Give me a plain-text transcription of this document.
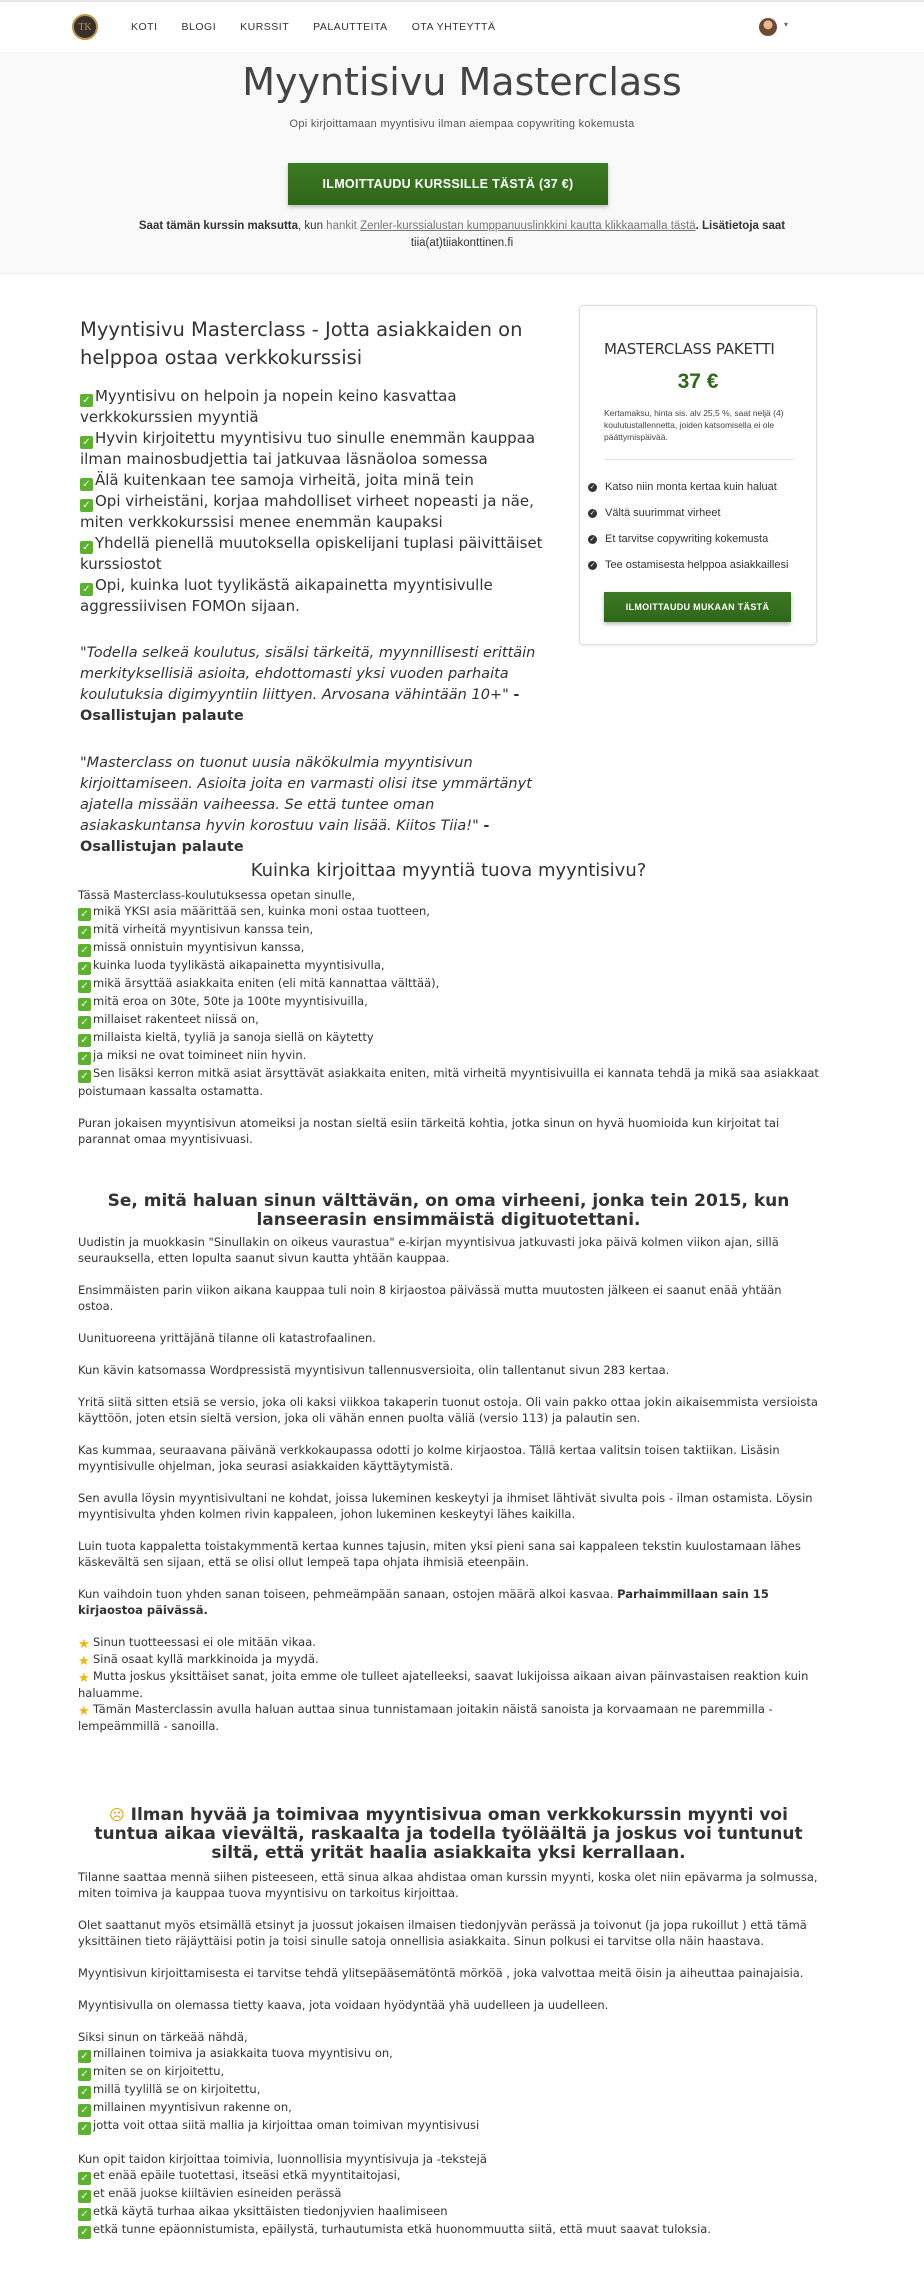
TK	KOTI BLOGI KURSSIT PALAUTTEITA OTA YHTEYTTÄ	▾
Myyntisivu Masterclass
Opi kirjoittamaan myyntisivu ilman aiempaa copywriting kokemusta
ILMOITTAUDU KURSSILLE TÄSTÄ (37 €)
Saat tämän kurssin maksutta, kun hankit Zenler-kurssialustan kumppanuuslinkkini kautta klikkaamalla tästä. Lisätietoja saat
tiia(at)tiiakonttinen.fi
Myyntisivu Masterclass - Jotta asiakkaiden on helppoa ostaa verkkokurssisi
✓ Myyntisivu on helpoin ja nopein keino kasvattaa verkkokurssien myyntiä
✓ Hyvin kirjoitettu myyntisivu tuo sinulle enemmän kauppaa ilman mainosbudjettia tai jatkuvaa läsnäoloa somessa
✓ Älä kuitenkaan tee samoja virheitä, joita minä tein
✓ Opi virheistäni, korjaa mahdolliset virheet nopeasti ja näe, miten verkkokurssisi menee enemmän kaupaksi
✓ Yhdellä pienellä muutoksella opiskelijani tuplasi päivittäiset kurssiostot
✓ Opi, kuinka luot tyylikästä aikapainetta myyntisivulle aggressiivisen FOMOn sijaan.
"Todella selkeä koulutus, sisälsi tärkeitä, myynnillisesti erittäin merkityksellisiä asioita, ehdottomasti yksi vuoden parhaita koulutuksia digimyyntiin liittyen. Arvosana vähintään 10+" -Osallistujan palaute
"Masterclass on tuonut uusia näkökulmia myyntisivun kirjoittamiseen. Asioita joita en varmasti olisi itse ymmärtänyt ajatella missään vaiheessa. Se että tuntee oman asiakaskuntansa hyvin korostuu vain lisää. Kiitos Tiia!" -Osallistujan palaute
MASTERCLASS PAKETTI
37 €
Kertamaksu, hinta sis. alv 25,5 %, saat neljä (4) koulutustallennetta, joiden katsomisella ei ole päättymispäivää.
✓ Katso niin monta kertaa kuin haluat
✓ Vältä suurimmat virheet
✓ Et tarvitse copywriting kokemusta
✓ Tee ostamisesta helppoa asiakkaillesi
ILMOITTAUDU MUKAAN TÄSTÄ
Kuinka kirjoittaa myyntiä tuova myyntisivu?
Tässä Masterclass-koulutuksessa opetan sinulle,
✓ mikä YKSI asia määrittää sen, kuinka moni ostaa tuotteen,
✓ mitä virheitä myyntisivun kanssa tein,
✓ missä onnistuin myyntisivun kanssa,
✓ kuinka luoda tyylikästä aikapainetta myyntisivulla,
✓ mikä ärsyttää asiakkaita eniten (eli mitä kannattaa välttää),
✓ mitä eroa on 30te, 50te ja 100te myyntisivuilla,
✓ millaiset rakenteet niissä on,
✓ millaista kieltä, tyyliä ja sanoja siellä on käytetty
✓ ja miksi ne ovat toimineet niin hyvin.
✓ Sen lisäksi kerron mitkä asiat ärsyttävät asiakkaita eniten, mitä virheitä myyntisivuilla ei kannata tehdä ja mikä saa asiakkaat poistumaan kassalta ostamatta.

Puran jokaisen myyntisivun atomeiksi ja nostan sieltä esiin tärkeitä kohtia, jotka sinun on hyvä huomioida kun kirjoitat tai parannat omaa myyntisivuasi.

Se, mitä haluan sinun välttävän, on oma virheeni, jonka tein 2015, kun lanseerasin ensimmäistä digituotettani.

Uudistin ja muokkasin "Sinullakin on oikeus vaurastua" e-kirjan myyntisivua jatkuvasti joka päivä kolmen viikon ajan, sillä seurauksella, etten lopulta saanut sivun kautta yhtään kauppaa.

Ensimmäisten parin viikon aikana kauppaa tuli noin 8 kirjaostoa päivässä mutta muutosten jälkeen ei saanut enää yhtään ostoa.

Uunituoreena yrittäjänä tilanne oli katastrofaalinen.

Kun kävin katsomassa Wordpressistä myyntisivun tallennusversioita, olin tallentanut sivun 283 kertaa.

Yritä siitä sitten etsiä se versio, joka oli kaksi viikkoa takaperin tuonut ostoja. Oli vain pakko ottaa jokin aikaisemmista versioista käyttöön, joten etsin sieltä version, joka oli vähän ennen puolta väliä (versio 113) ja palautin sen.

Kas kummaa, seuraavana päivänä verkkokaupassa odotti jo kolme kirjaostoa. Tällä kertaa valitsin toisen taktiikan. Lisäsin myyntisivulle ohjelman, joka seurasi asiakkaiden käyttäytymistä.

Sen avulla löysin myyntisivultani ne kohdat, joissa lukeminen keskeytyi ja ihmiset lähtivät sivulta pois - ilman ostamista. Löysin myyntisivulta yhden kolmen rivin kappaleen, johon lukeminen keskeytyi lähes kaikilla.

Luin tuota kappaletta toistakymmentä kertaa kunnes tajusin, miten yksi pieni sana sai kappaleen tekstin kuulostamaan lähes käskevältä sen sijaan, että se olisi ollut lempeä tapa ohjata ihmisiä eteenpäin.

Kun vaihdoin tuon yhden sanan toiseen, pehmeämpään sanaan, ostojen määrä alkoi kasvaa. Parhaimmillaan sain 15 kirjaostoa päivässä.

★ Sinun tuotteessasi ei ole mitään vikaa.
★ Sinä osaat kyllä markkinoida ja myydä.
★ Mutta joskus yksittäiset sanat, joita emme ole tulleet ajatelleeksi, saavat lukijoissa aikaan aivan päinvastaisen reaktion kuin haluamme.
★ Tämän Masterclassin avulla haluan auttaa sinua tunnistamaan joitakin näistä sanoista ja korvaamaan ne paremmilla - lempeämmillä - sanoilla.
☹ Ilman hyvää ja toimivaa myyntisivua oman verkkokurssin myynti voi tuntua aikaa vievältä, raskaalta ja todella työläältä ja joskus voi tuntunut siltä, että yrität haalia asiakkaita yksi kerrallaan.

Tilanne saattaa mennä siihen pisteeseen, että sinua alkaa ahdistaa oman kurssin myynti, koska olet niin epävarma ja solmussa, miten toimiva ja kauppaa tuova myyntisivu on tarkoitus kirjoittaa.

Olet saattanut myös etsimällä etsinyt ja juossut jokaisen ilmaisen tiedonjyvän perässä ja toivonut (ja jopa rukoillut ) että tämä yksittäinen tieto räjäyttäisi potin ja toisi sinulle satoja onnellisia asiakkaita. Sinun polkusi ei tarvitse olla näin haastava.

Myyntisivun kirjoittamisesta ei tarvitse tehdä ylitsepääsemätöntä mörköä , joka valvottaa meitä öisin ja aiheuttaa painajaisia.

Myyntisivulla on olemassa tietty kaava, jota voidaan hyödyntää yhä uudelleen ja uudelleen.

Siksi sinun on tärkeää nähdä,
✓ millainen toimiva ja asiakkaita tuova myyntisivu on,
✓ miten se on kirjoitettu,
✓ millä tyylillä se on kirjoitettu,
✓ millainen myyntisivun rakenne on,
✓ jotta voit ottaa siitä mallia ja kirjoittaa oman toimivan myyntisivusi
Kun opit taidon kirjoittaa toimivia, luonnollisia myyntisivuja ja -tekstejä
✓ et enää epäile tuotettasi, itseäsi etkä myyntitaitojasi,
✓ et enää juokse kiiltävien esineiden perässä
✓ etkä käytä turhaa aikaa yksittäisten tiedonjyvien haalimiseen
✓ etkä tunne epäonnistumista, epäilystä, turhautumista etkä huonommuutta siitä, että muut saavat tuloksia.
